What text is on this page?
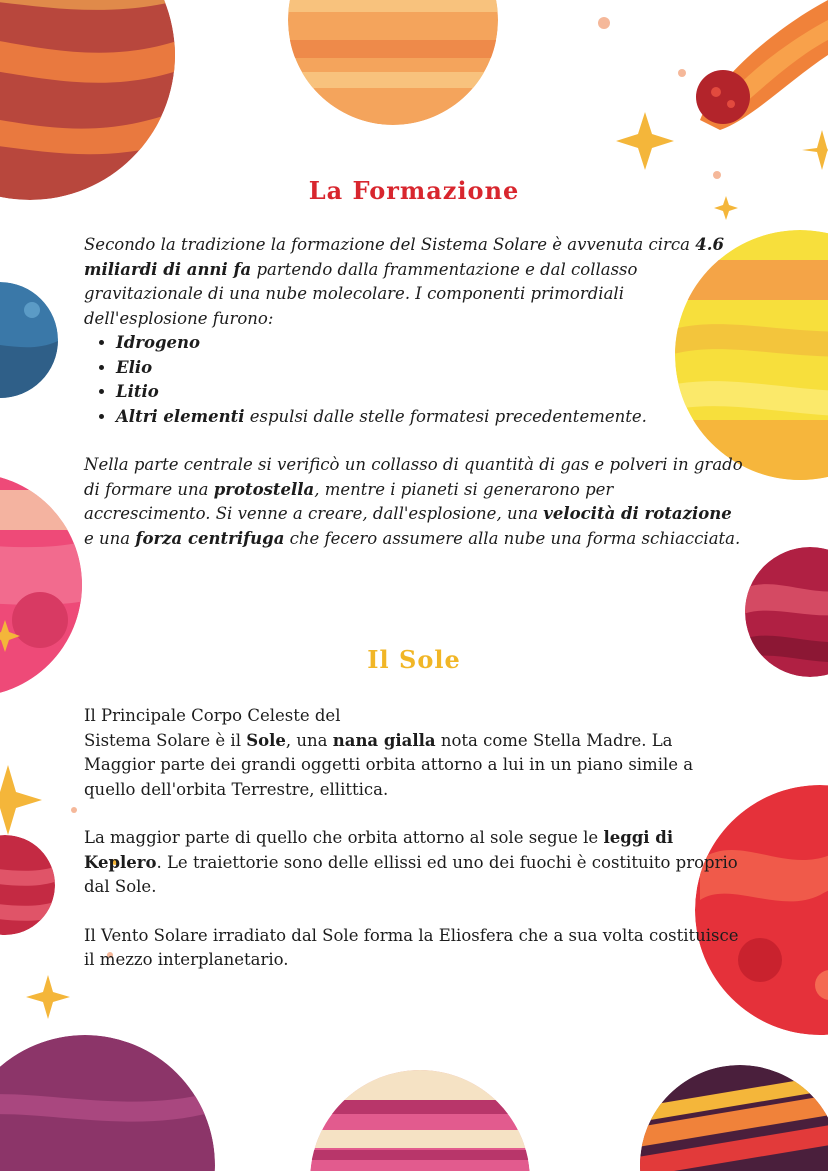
La Formazione

Secondo la tradizione la formazione del Sistema Solare è avvenuta circa 4.6 miliardi di anni fa partendo dalla frammentazione e dal collasso gravitazionale di una nube molecolare. I componenti primordiali dell'esplosione furono:

• Idrogeno
• Elio
• Litio
• Altri elementi espulsi dalle stelle formatesi precedentemente.

Nella parte centrale si verificò un collasso di quantità di gas e polveri in grado di formare una protostella, mentre i pianeti si generarono per accrescimento. Si venne a creare, dall'esplosione, una velocità di rotazione e una forza centrifuga che fecero assumere alla nube una forma schiacciata.

Il Sole

Il Principale Corpo Celeste del
Sistema Solare è il Sole, una nana gialla nota come Stella Madre. La Maggior parte dei grandi oggetti orbita attorno a lui in un piano simile a quello dell'orbita Terrestre, ellittica.

La maggior parte di quello che orbita attorno al sole segue le leggi di Keplero. Le traiettorie sono delle ellissi ed uno dei fuochi è costituito proprio dal Sole.

Il Vento Solare irradiato dal Sole forma la Eliosfera che a sua volta costituisce il mezzo interplanetario.
